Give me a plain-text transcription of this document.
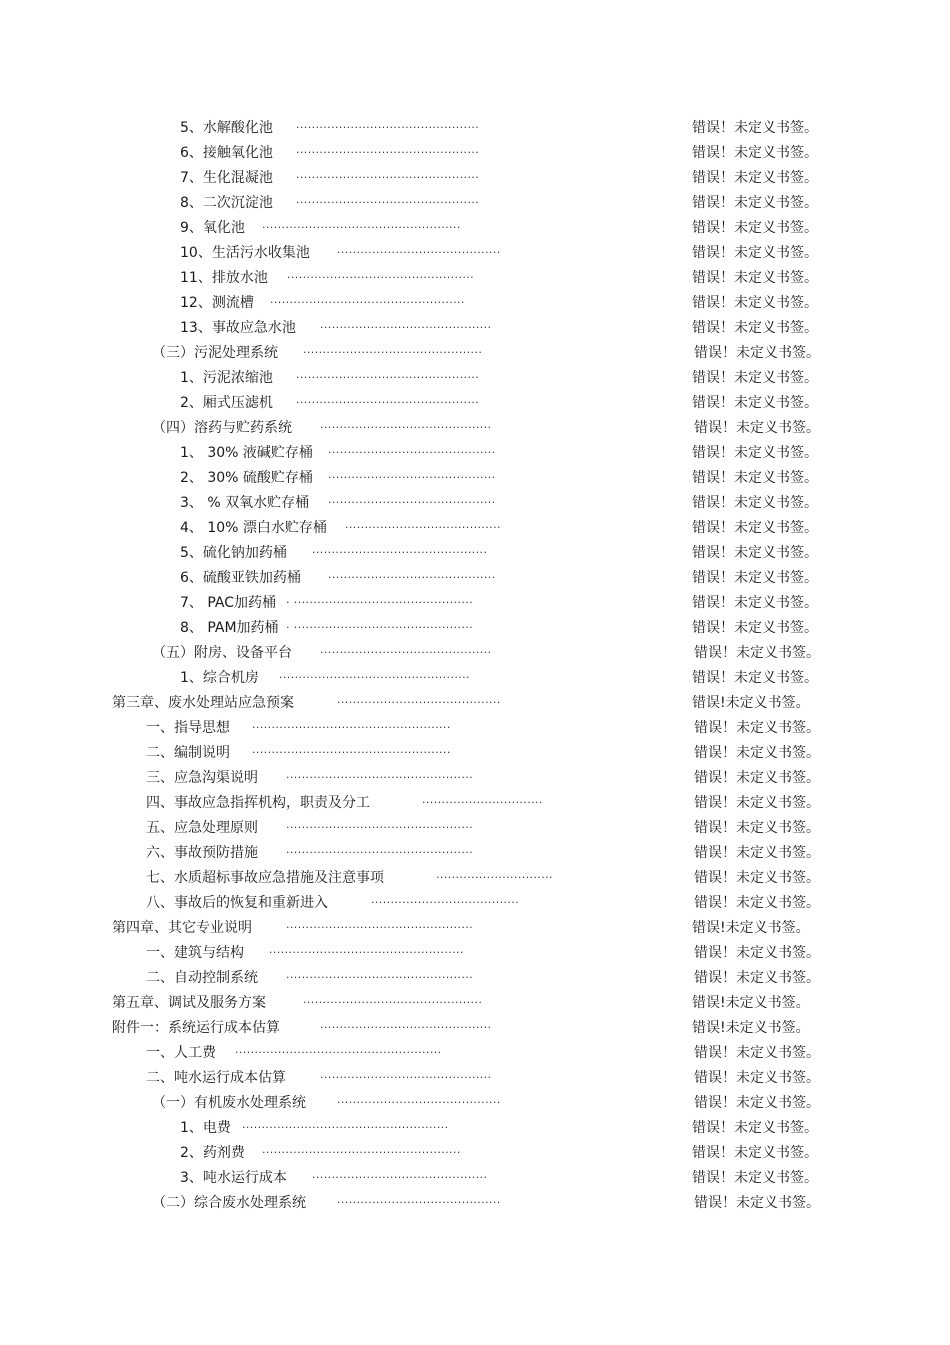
5、水解酸化池 ...............................................	错误！未定义书签。
6、接触氧化池 ...............................................	错误！未定义书签。
7、生化混凝池 ...............................................	错误！未定义书签。
8、二次沉淀池 ...............................................	错误！未定义书签。
9、氧化池 ...................................................	错误！未定义书签。
10、生活污水收集池 ..........................................	错误！未定义书签。
11、排放水池 ................................................	错误！未定义书签。
12、测流槽 ..................................................	错误！未定义书签。
13、事故应急水池 ............................................	错误！未定义书签。
（三）污泥处理系统 ..............................................	错误！未定义书签。
1、污泥浓缩池 ...............................................	错误！未定义书签。
2、厢式压滤机 ...............................................	错误！未定义书签。
（四）溶药与贮药系统	............................................	错误！未定义书签。
1、 30% 液碱贮存桶 ...........................................	错误！未定义书签。
2、 30% 硫酸贮存桶 ...........................................	错误！未定义书签。
3、 % 双氧水贮存桶 ...........................................	错误！未定义书签。
4、 10% 漂白水贮存桶 ........................................	错误！未定义书签。
5、硫化钠加药桶 .............................................	错误！未定义书签。
6、硫酸亚铁加药桶 ...........................................	错误！未定义书签。
7、 PAC加药桶 . ..............................................	错误！未定义书签。
8、 PAM加药桶 . ..............................................	错误！未定义书签。
（五）附房、设备平台	............................................	错误！未定义书签。
1、综合机房 .................................................	错误！未定义书签。
第三章、废水处理站应急预案	..........................................	错误!未定义书签。
一、指导思想 ...................................................	错误！未定义书签。
二、编制说明 ...................................................	错误！未定义书签。
三、应急沟渠说明	................................................	错误！未定义书签。
四、事故应急指挥机构，职责及分工	...............................	错误！未定义书签。
五、应急处理原则	................................................	错误！未定义书签。
六、事故预防措施	................................................	错误！未定义书签。
七、水质超标事故应急措施及注意事项	..............................	错误！未定义书签。
八、事故后的恢复和重新进入	......................................	错误！未定义书签。
第四章、其它专业说明	................................................	错误!未定义书签。
一、建筑与结构 ..................................................	错误！未定义书签。
二、自动控制系统	................................................	错误！未定义书签。
第五章、调试及服务方案	..............................................	错误!未定义书签。
附件一：系统运行成本估算	............................................	错误!未定义书签。
一、人工费 .....................................................	错误！未定义书签。
二、吨水运行成本估算	............................................	错误！未定义书签。
（一）有机废水处理系统	..........................................	错误！未定义书签。
1、电费 .....................................................	错误！未定义书签。
2、药剂费 ...................................................	错误！未定义书签。
3、吨水运行成本 .............................................	错误！未定义书签。
（二）综合废水处理系统	..........................................	错误！未定义书签。
